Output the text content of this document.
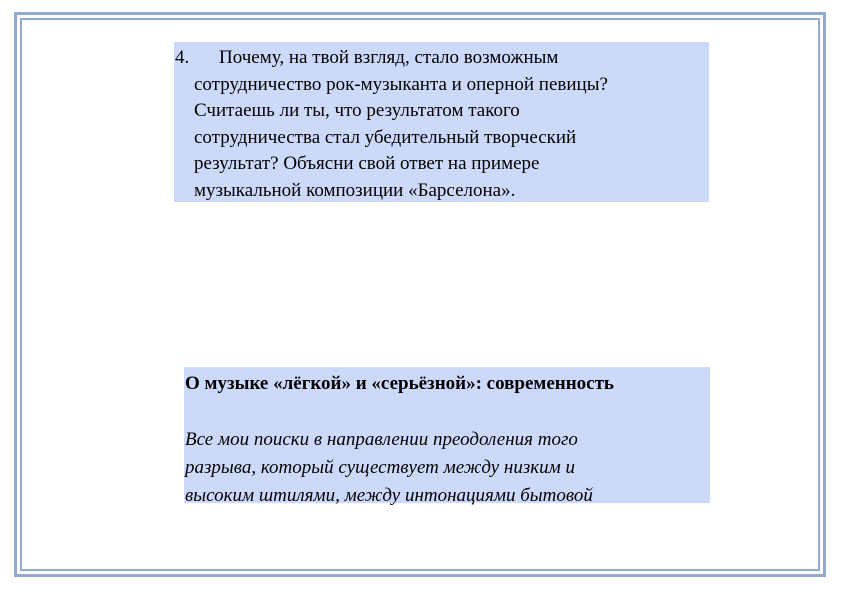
4.	Почему, на твой взгляд, стало возможным
сотрудничество рок-музыканта и оперной певицы?
Считаешь ли ты, что результатом такого
сотрудничества стал убедительный творческий
результат? Объясни свой ответ на примере
музыкальной композиции «Барселона».
О музыке «лёгкой» и «серьёзной»: современность
Все мои поиски в направлении преодоления того
разрыва, который существует между низким и
высоким штилями, между интонациями бытовой
